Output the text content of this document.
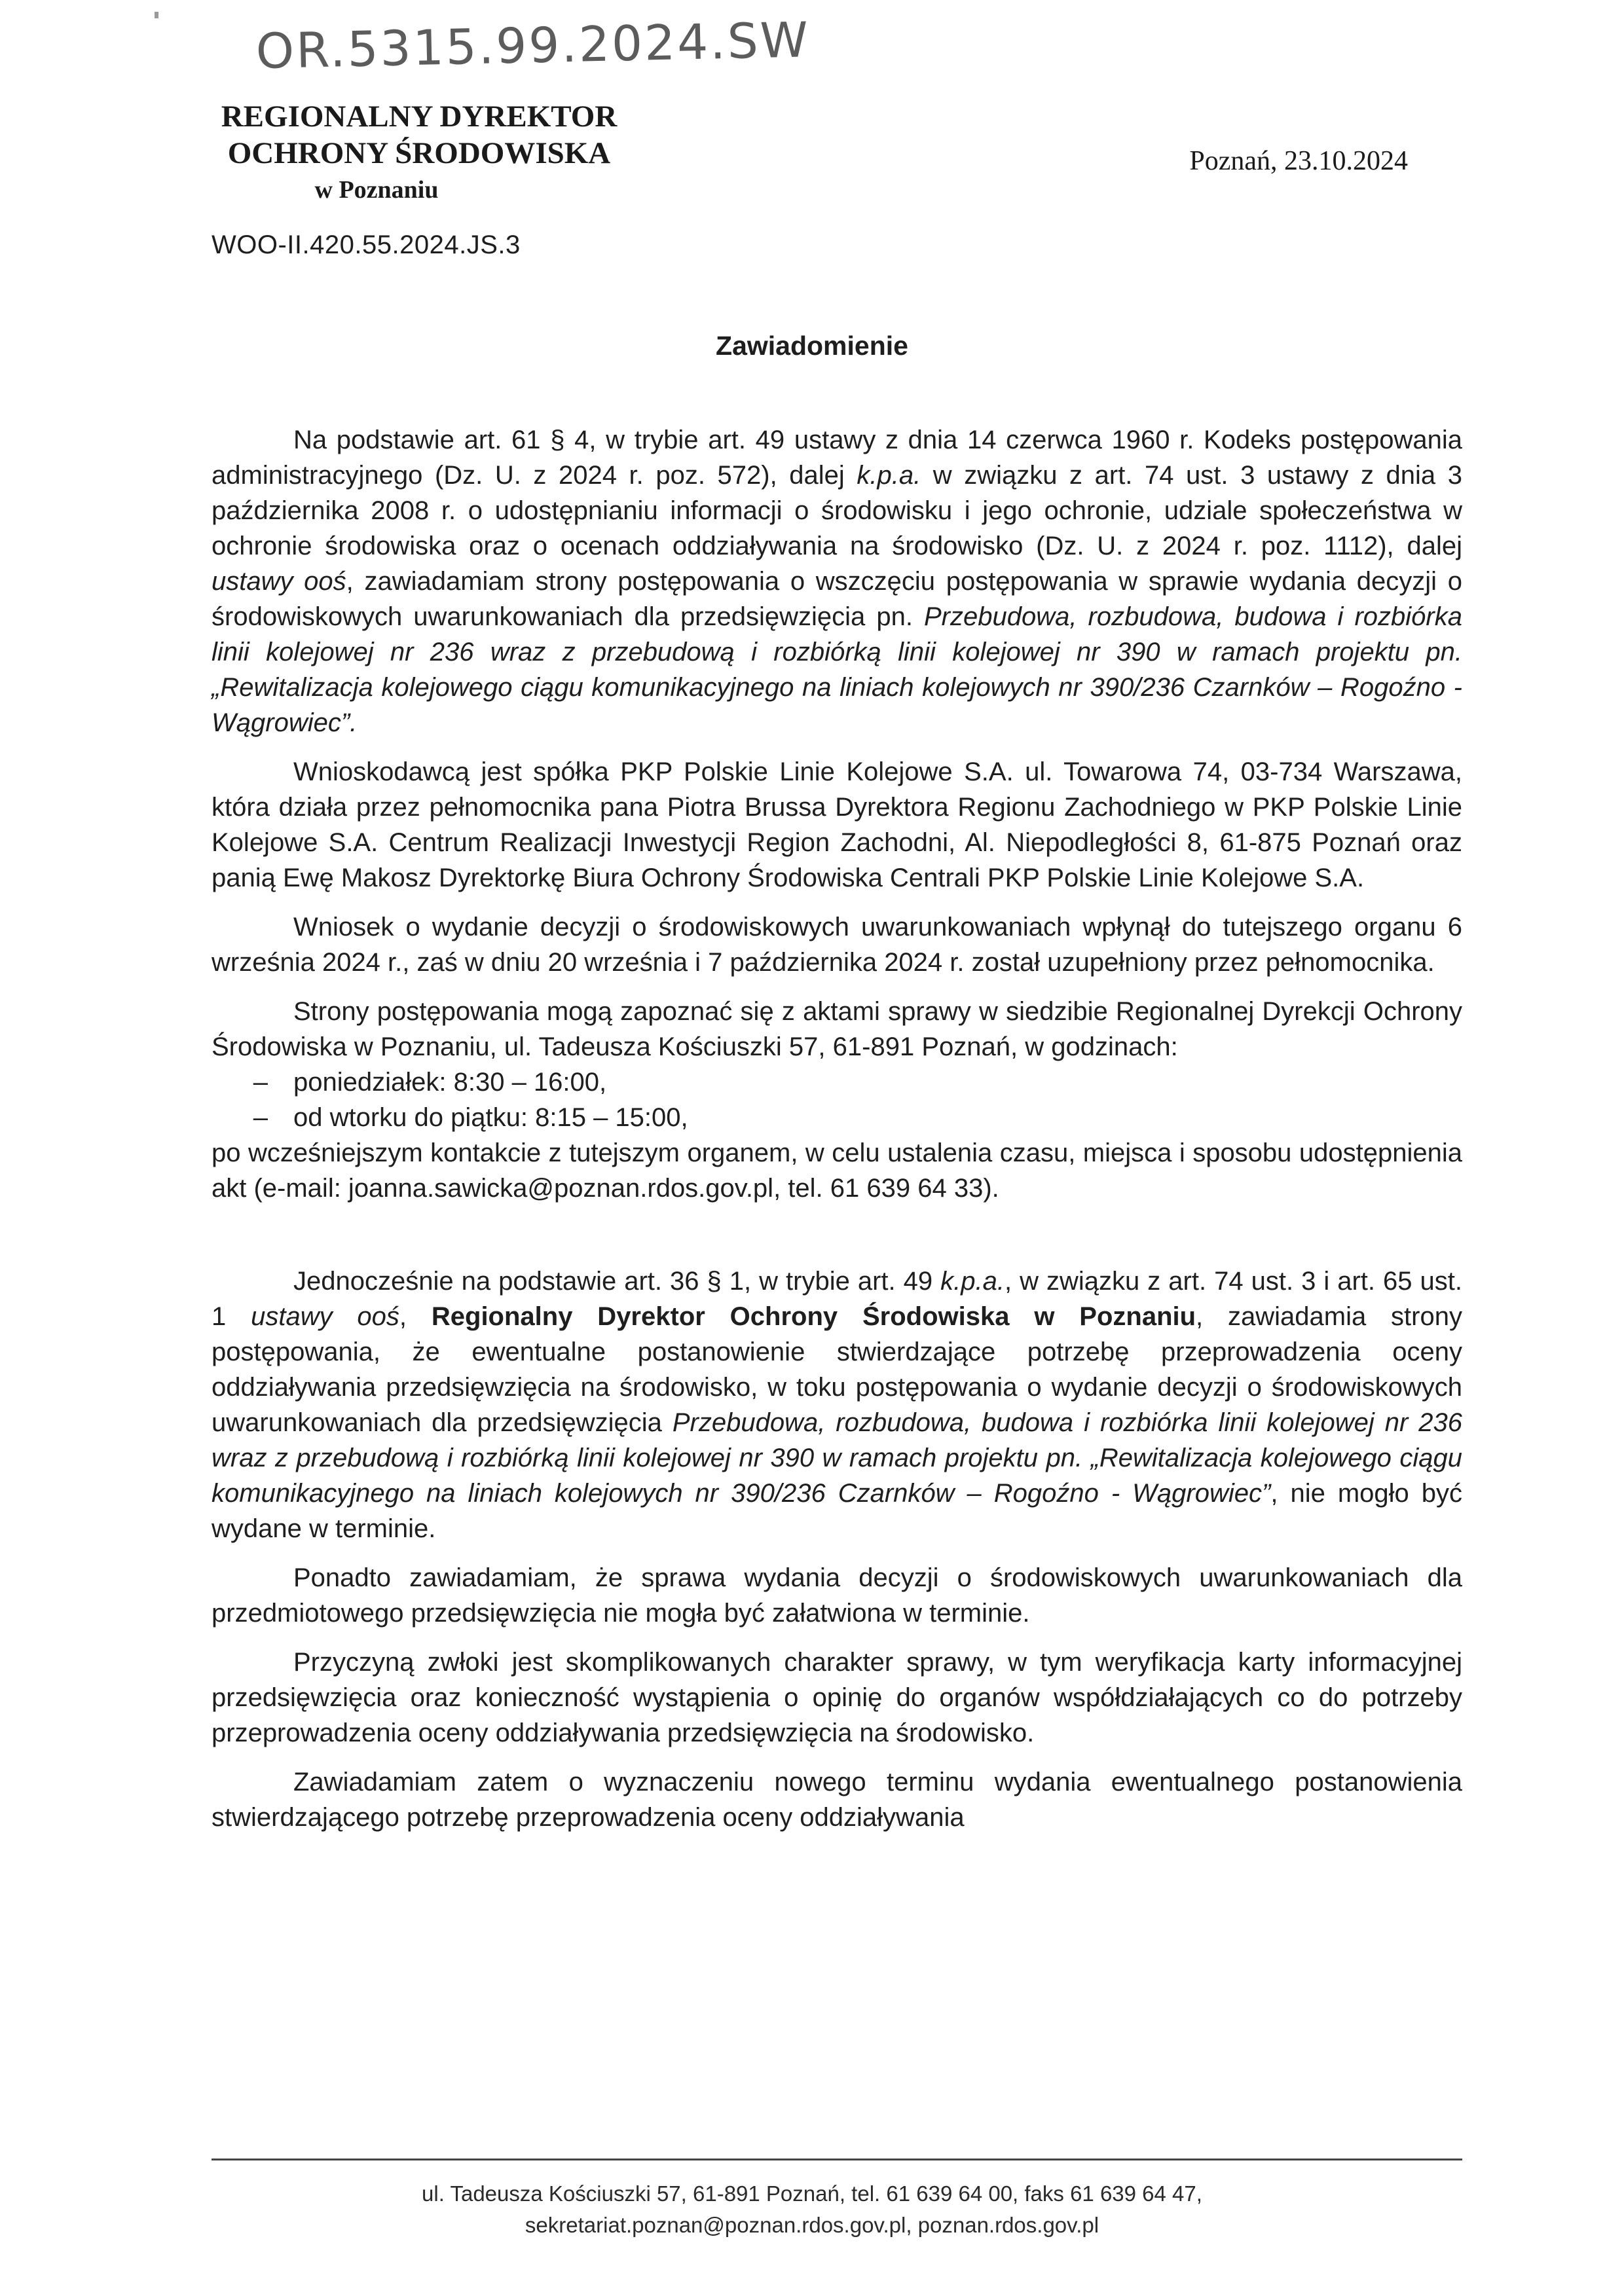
OR.5315.99.2024.SW
REGIONALNY DYREKTOR
OCHRONY ŚRODOWISKA
w Poznaniu
Poznań, 23.10.2024
WOO-II.420.55.2024.JS.3
Zawiadomienie

Na podstawie art. 61 § 4, w trybie art. 49 ustawy z dnia 14 czerwca 1960 r. Kodeks postępowania administracyjnego (Dz. U. z 2024 r. poz. 572), dalej k.p.a. w związku z art. 74 ust. 3 ustawy z dnia 3 października 2008 r. o udostępnianiu informacji o środowisku i jego ochronie, udziale społeczeństwa w ochronie środowiska oraz o ocenach oddziaływania na środowisko (Dz. U. z 2024 r. poz. 1112), dalej ustawy ooś, zawiadamiam strony postępowania o wszczęciu postępowania w sprawie wydania decyzji o środowiskowych uwarunkowaniach dla przedsięwzięcia pn. Przebudowa, rozbudowa, budowa i rozbiórka linii kolejowej nr 236 wraz z przebudową i rozbiórką linii kolejowej nr 390 w ramach projektu pn. „Rewitalizacja kolejowego ciągu komunikacyjnego na liniach kolejowych nr 390/236 Czarnków – Rogoźno - Wągrowiec”.

Wnioskodawcą jest spółka PKP Polskie Linie Kolejowe S.A. ul. Towarowa 74, 03-734 Warszawa, która działa przez pełnomocnika pana Piotra Brussa Dyrektora Regionu Zachodniego w PKP Polskie Linie Kolejowe S.A. Centrum Realizacji Inwestycji Region Zachodni, Al. Niepodległości 8, 61-875 Poznań oraz panią Ewę Makosz Dyrektorkę Biura Ochrony Środowiska Centrali PKP Polskie Linie Kolejowe S.A.

Wniosek o wydanie decyzji o środowiskowych uwarunkowaniach wpłynął do tutejszego organu 6 września 2024 r., zaś w dniu 20 września i 7 października 2024 r. został uzupełniony przez pełnomocnika.

Strony postępowania mogą zapoznać się z aktami sprawy w siedzibie Regionalnej Dyrekcji Ochrony Środowiska w Poznaniu, ul. Tadeusza Kościuszki 57, 61-891 Poznań, w godzinach:

– poniedziałek: 8:30 – 16:00,
– od wtorku do piątku: 8:15 – 15:00,

po wcześniejszym kontakcie z tutejszym organem, w celu ustalenia czasu, miejsca i sposobu udostępnienia akt (e-mail: joanna.sawicka@poznan.rdos.gov.pl, tel. 61 639 64 33).

Jednocześnie na podstawie art. 36 § 1, w trybie art. 49 k.p.a., w związku z art. 74 ust. 3 i art. 65 ust. 1 ustawy ooś, Regionalny Dyrektor Ochrony Środowiska w Poznaniu, zawiadamia strony postępowania, że ewentualne postanowienie stwierdzające potrzebę przeprowadzenia oceny oddziaływania przedsięwzięcia na środowisko, w toku postępowania o wydanie decyzji o środowiskowych uwarunkowaniach dla przedsięwzięcia Przebudowa, rozbudowa, budowa i rozbiórka linii kolejowej nr 236 wraz z przebudową i rozbiórką linii kolejowej nr 390 w ramach projektu pn. „Rewitalizacja kolejowego ciągu komunikacyjnego na liniach kolejowych nr 390/236 Czarnków – Rogoźno - Wągrowiec”, nie mogło być wydane w terminie.

Ponadto zawiadamiam, że sprawa wydania decyzji o środowiskowych uwarunkowaniach dla przedmiotowego przedsięwzięcia nie mogła być załatwiona w terminie.

Przyczyną zwłoki jest skomplikowanych charakter sprawy, w tym weryfikacja karty informacyjnej przedsięwzięcia oraz konieczność wystąpienia o opinię do organów współdziałających co do potrzeby przeprowadzenia oceny oddziaływania przedsięwzięcia na środowisko.

Zawiadamiam zatem o wyznaczeniu nowego terminu wydania ewentualnego postanowienia stwierdzającego potrzebę przeprowadzenia oceny oddziaływania

ul. Tadeusza Kościuszki 57, 61-891 Poznań, tel. 61 639 64 00, faks 61 639 64 47,
sekretariat.poznan@poznan.rdos.gov.pl, poznan.rdos.gov.pl
